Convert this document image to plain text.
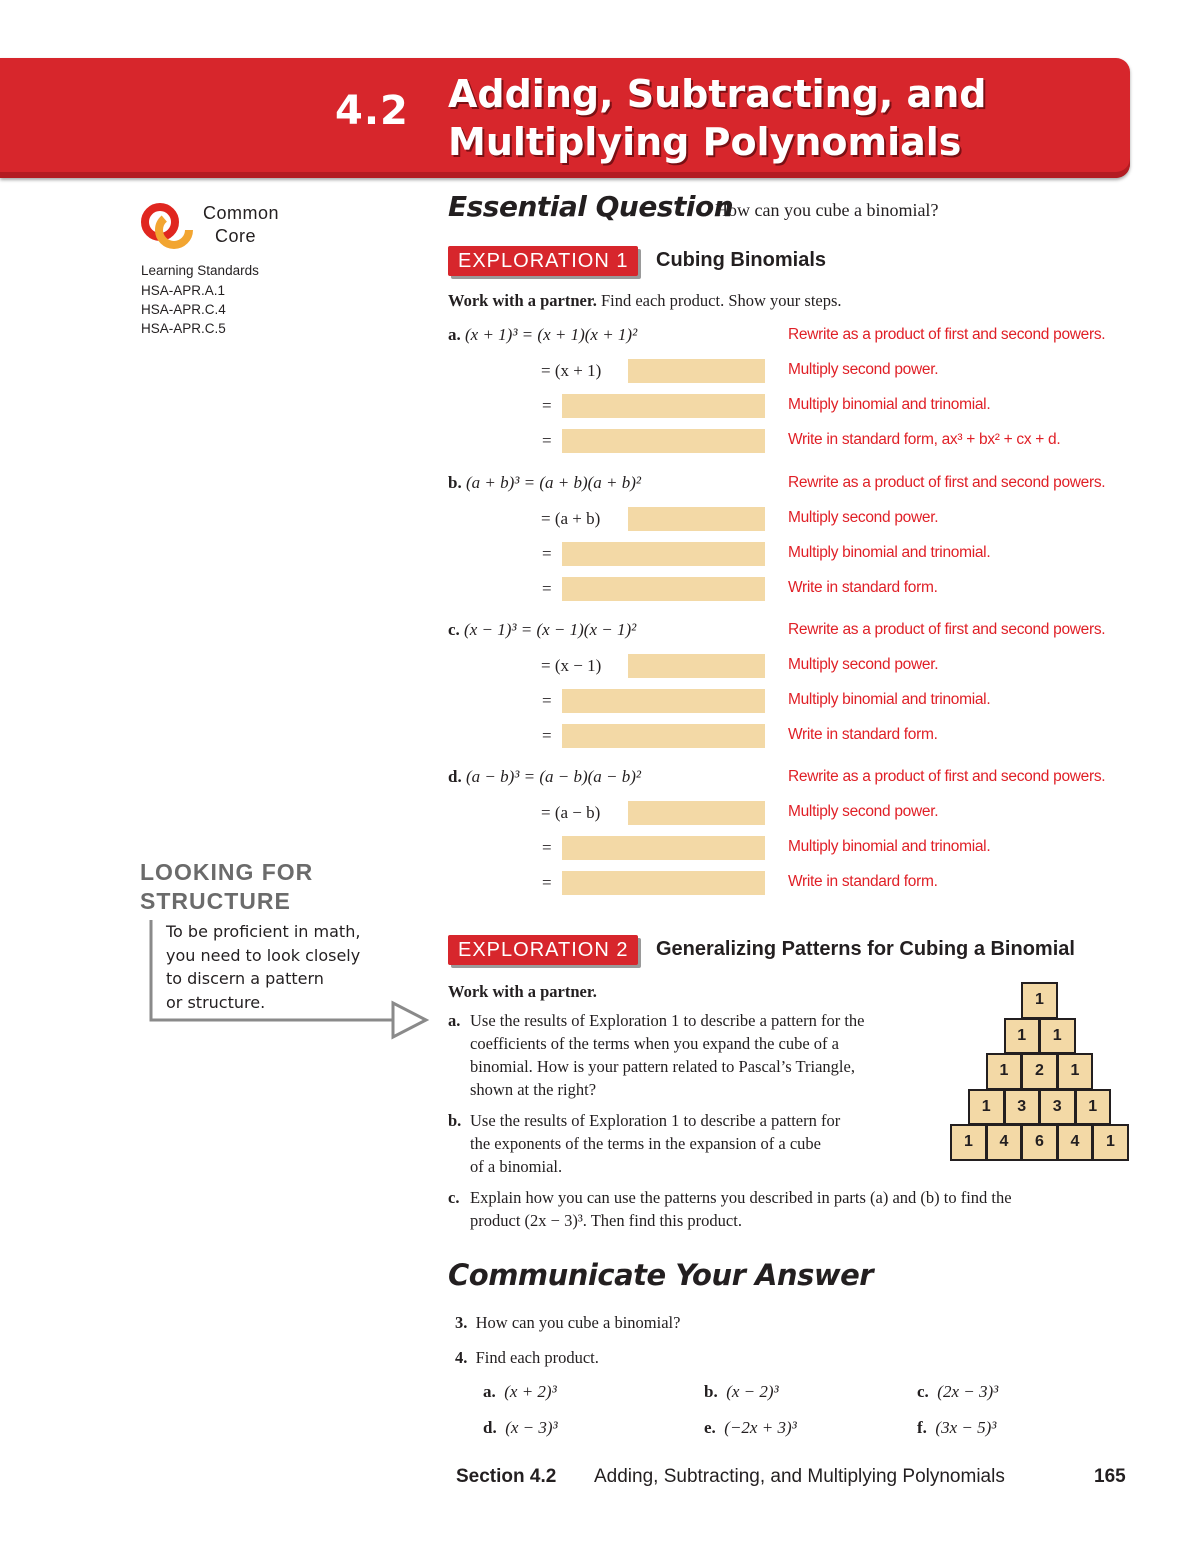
4.2 Adding, Subtracting, and
Multiplying Polynomials
Common
Core
Learning Standards
HSA-APR.A.1
HSA-APR.C.4
HSA-APR.C.5
Essential Question
How can you cube a binomial?
EXPLORATION 1	Cubing Binomials
Work with a partner. Find each product. Show your steps.
a. (x + 1)³ = (x + 1)(x + 1)²	Rewrite as a product of first and second powers.
= (x + 1)	Multiply second power.
=	Multiply binomial and trinomial.
=	Write in standard form, ax³ + bx² + cx + d.
b. (a + b)³ = (a + b)(a + b)²	Rewrite as a product of first and second powers.
= (a + b)	Multiply second power.
=	Multiply binomial and trinomial.
=	Write in standard form.
c. (x − 1)³ = (x − 1)(x − 1)²	Rewrite as a product of first and second powers.
= (x − 1)	Multiply second power.
=	Multiply binomial and trinomial.
=	Write in standard form.
d. (a − b)³ = (a − b)(a − b)²	Rewrite as a product of first and second powers.
= (a − b)	Multiply second power.
=	Multiply binomial and trinomial.
=	Write in standard form.
LOOKING FOR
STRUCTURE
To be proficient in math,
you need to look closely
to discern a pattern
or structure.
EXPLORATION 2	Generalizing Patterns for Cubing a Binomial
Work with a partner.
a. Use the results of Exploration 1 to describe a pattern for the
coefficients of the terms when you expand the cube of a
binomial. How is your pattern related to Pascal’s Triangle,
shown at the right?
b. Use the results of Exploration 1 to describe a pattern for
the exponents of the terms in the expansion of a cube
of a binomial.
c. Explain how you can use the patterns you described in parts (a) and (b) to find the
product (2x − 3)³. Then find this product.
1
1	1
1	2	1
1	3	3	1
1	4	6	4	1
Communicate Your Answer
3. How can you cube a binomial?
4. Find each product.
a. (x + 2)³	b. (x − 2)³	c. (2x − 3)³
d. (x − 3)³	e. (−2x + 3)³	f. (3x − 5)³
Section 4.2 Adding, Subtracting, and Multiplying Polynomials	165
